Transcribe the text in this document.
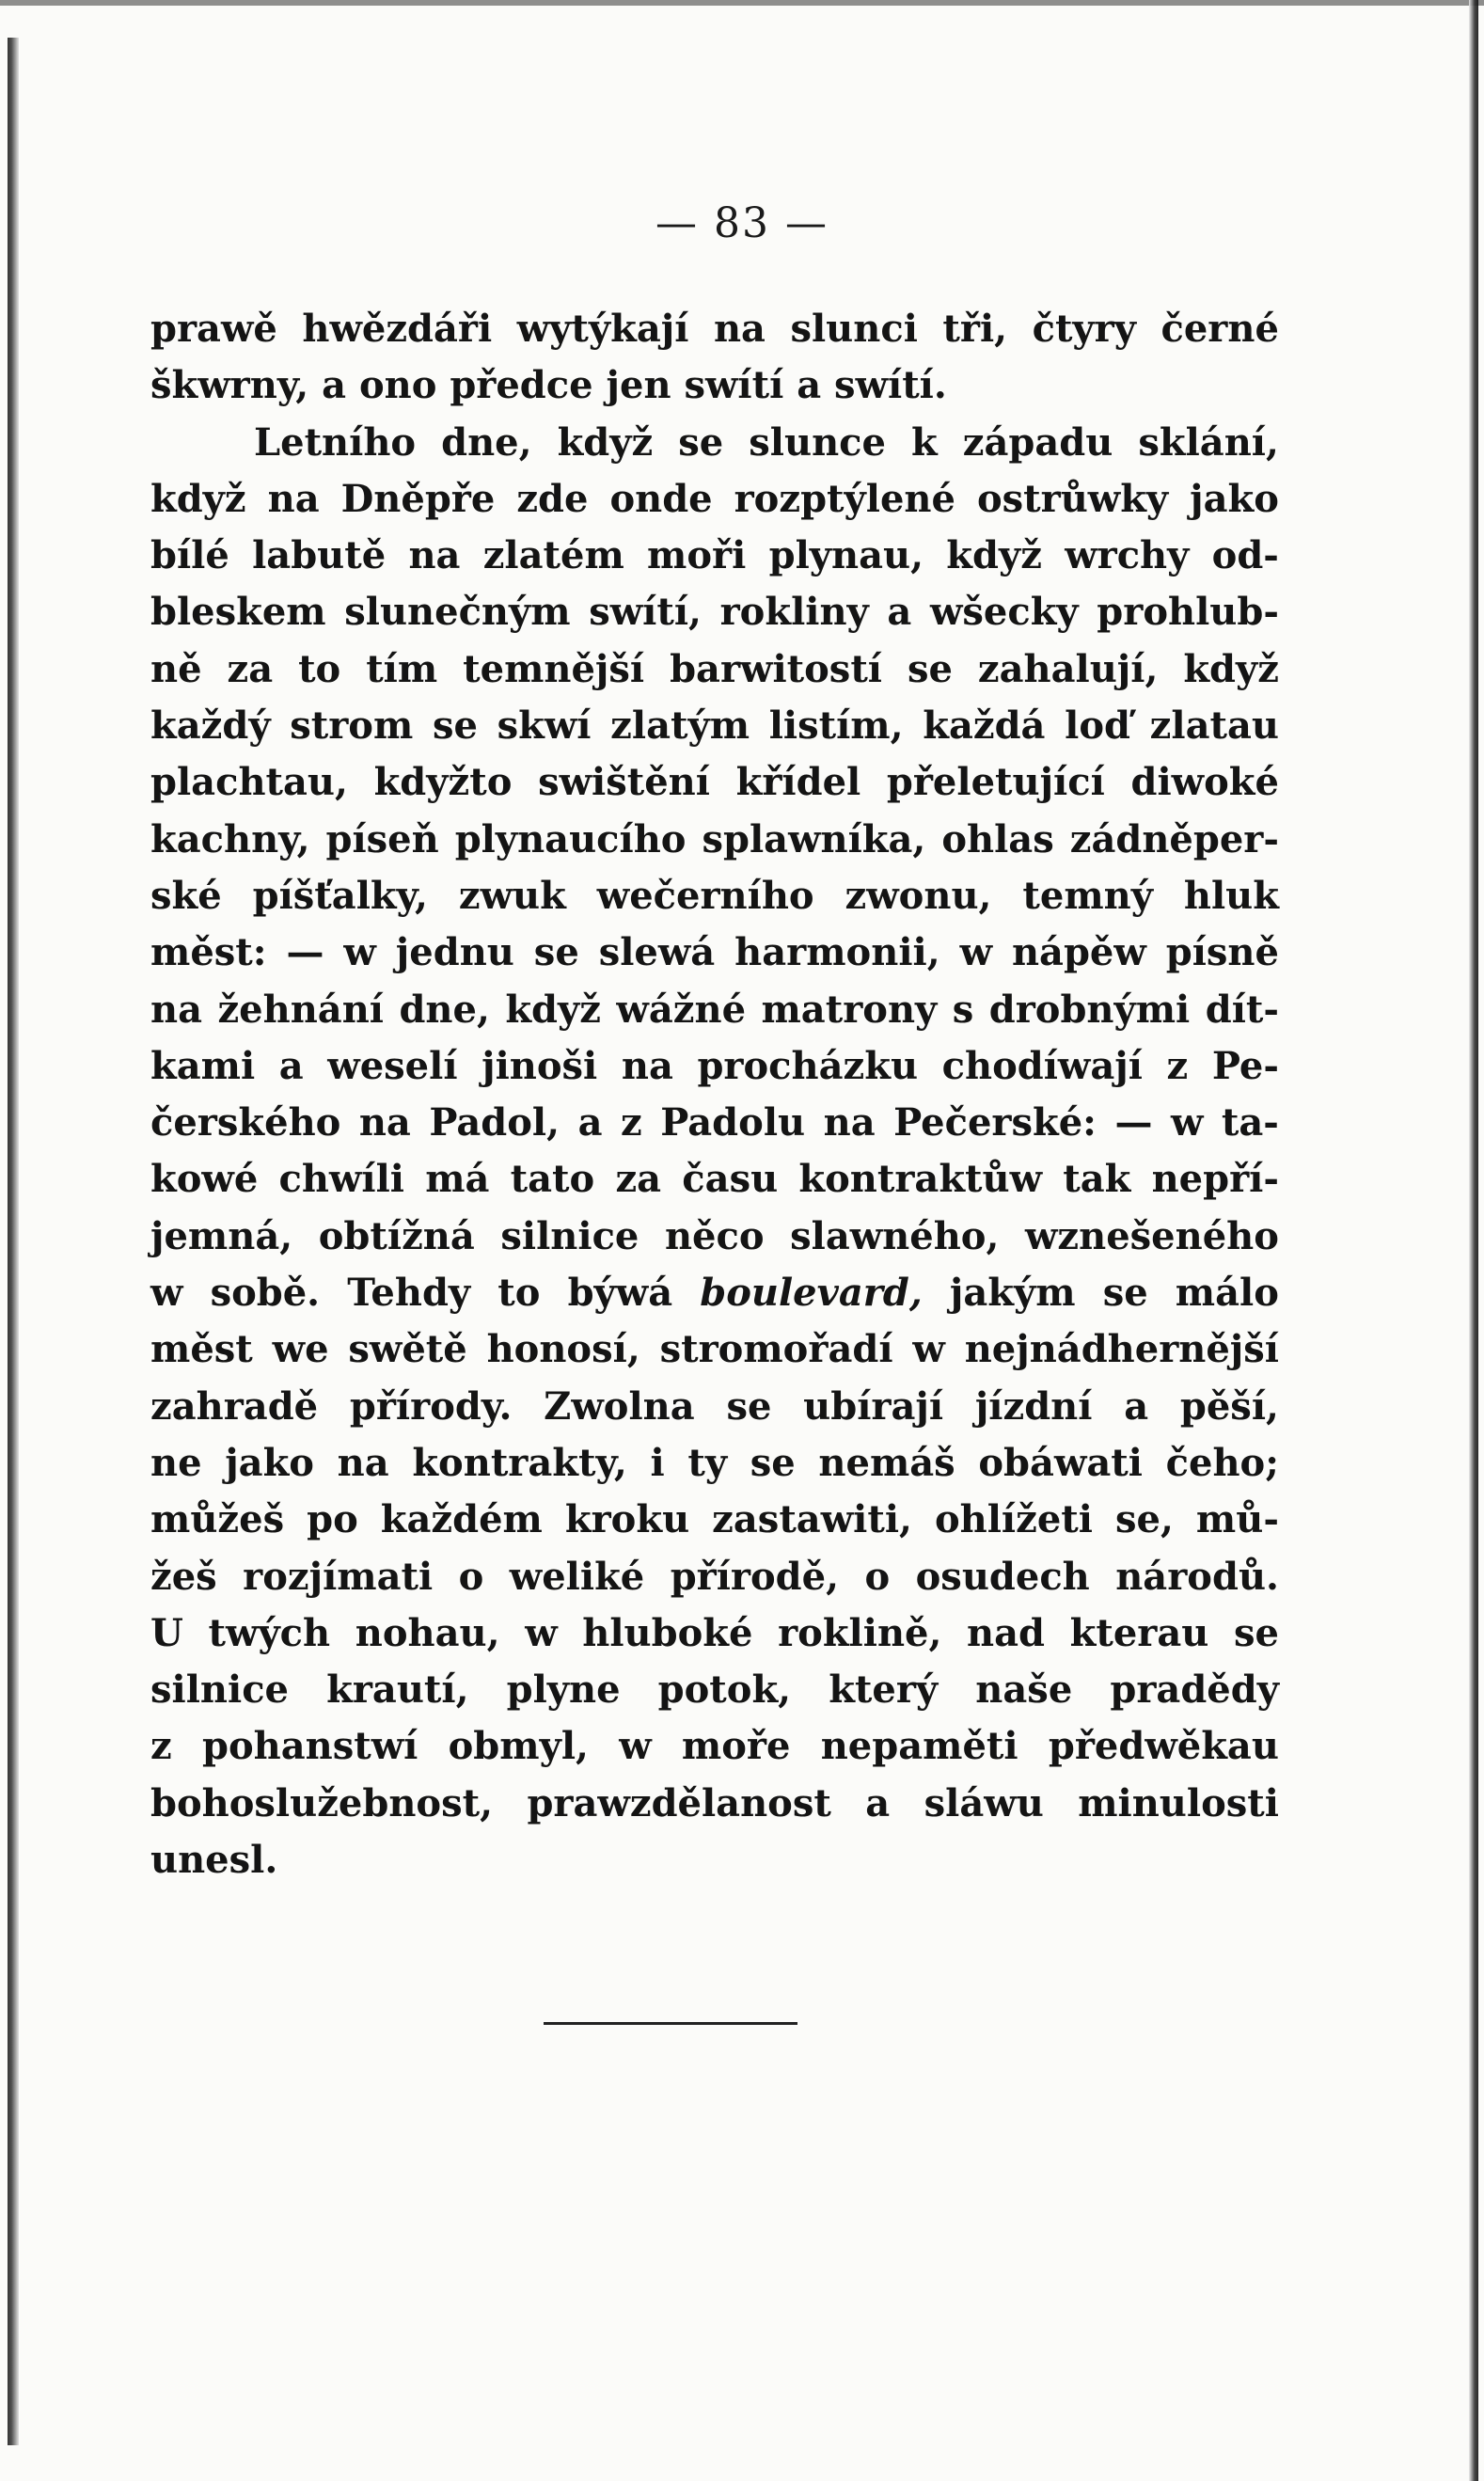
— 83 —
prawě hwězdáři wytýkají na slunci tři, čtyry černé
škwrny, a ono předce jen swítí a swítí.
Letního dne, když se slunce k západu sklání,
když na Dněpře zde onde rozptýlené ostrůwky jako
bílé labutě na zlatém moři plynau, když wrchy od-
bleskem slunečným swítí, rokliny a wšecky prohlub-
ně za to tím temnější barwitostí se zahalují, když
každý strom se skwí zlatým listím, každá loď zlatau
plachtau, kdyžto swištění křídel přeletující diwoké
kachny, píseň plynaucího splawníka, ohlas zádněper-
ské píšťalky, zwuk wečerního zwonu, temný hluk
měst: — w jednu se slewá harmonii, w nápěw písně
na žehnání dne, když wážné matrony s drobnými dít-
kami a weselí jinoši na procházku chodíwají z Pe-
čerského na Padol, a z Padolu na Pečerské: — w ta-
kowé chwíli má tato za času kontraktůw tak nepří-
jemná, obtížná silnice něco slawného, wznešeného
w sobě. Tehdy to býwá boulevard, jakým se málo
měst we swětě honosí, stromořadí w nejnádhernější
zahradě přírody. Zwolna se ubírají jízdní a pěší,
ne jako na kontrakty, i ty se nemáš obáwati čeho;
můžeš po každém kroku zastawiti, ohlížeti se, mů-
žeš rozjímati o weliké přírodě, o osudech národů.
U twých nohau, w hluboké roklině, nad kterau se
silnice krautí, plyne potok, který naše pradědy
z pohanstwí obmyl, w moře nepaměti předwěkau
bohoslužebnost, prawzdělanost a sláwu minulosti
unesl.
